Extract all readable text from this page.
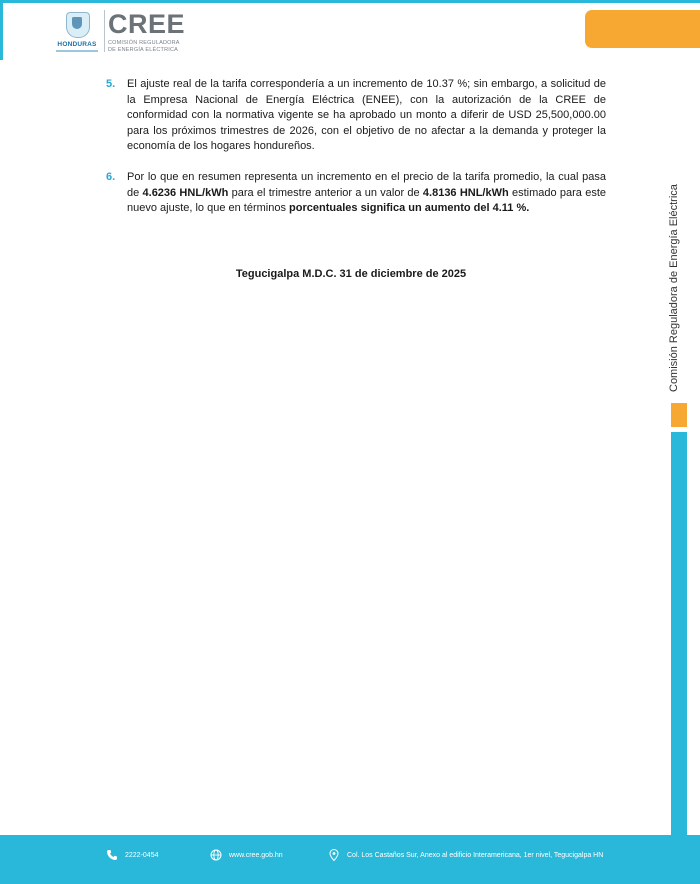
HONDURAS
CREE
COMISIÓN REGULADORA DE ENERGÍA ELÉCTRICA
5. El ajuste real de la tarifa correspondería a un incremento de 10.37 %; sin embargo, a solicitud de la Empresa Nacional de Energía Eléctrica (ENEE), con la autorización de la CREE de conformidad con la normativa vigente se ha aprobado un monto a diferir de USD 25,500,000.00 para los próximos trimestres de 2026, con el objetivo de no afectar a la demanda y proteger la economía de los hogares hondureños.
6. Por lo que en resumen representa un incremento en el precio de la tarifa promedio, la cual pasa de 4.6236 HNL/kWh para el trimestre anterior a un valor de 4.8136 HNL/kWh estimado para este nuevo ajuste, lo que en términos porcentuales significa un aumento del 4.11 %.
Tegucigalpa M.D.C. 31 de diciembre de 2025	Comisión Reguladora de Energía Eléctrica
2222-0454	www.cree.gob.hn	Col. Los Castaños Sur, Anexo al edificio Interamericana, 1er nivel, Tegucigalpa HN
